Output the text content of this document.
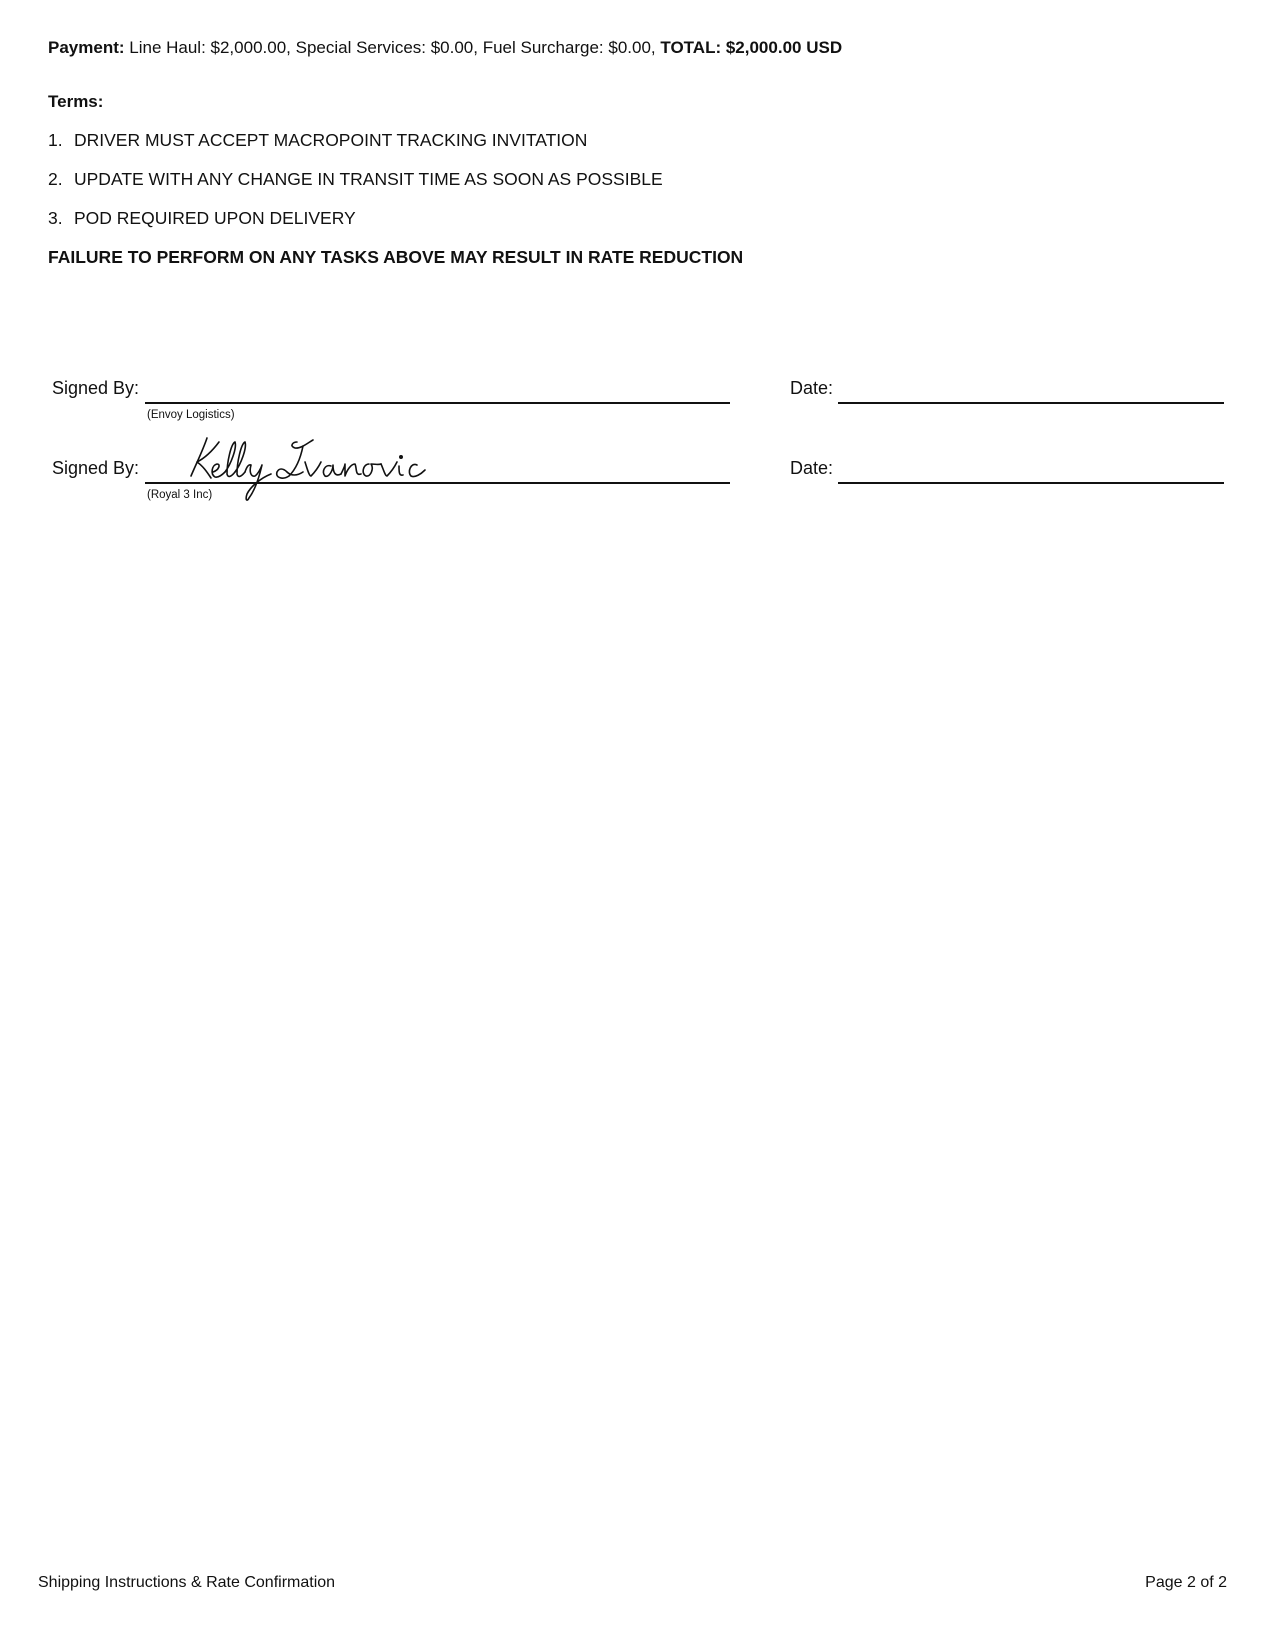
Payment: Line Haul: $2,000.00, Special Services: $0.00, Fuel Surcharge: $0.00, TOTAL: $2,000.00 USD
Terms:
1. DRIVER MUST ACCEPT MACROPOINT TRACKING INVITATION
2. UPDATE WITH ANY CHANGE IN TRANSIT TIME AS SOON AS POSSIBLE
3. POD REQUIRED UPON DELIVERY
FAILURE TO PERFORM ON ANY TASKS ABOVE MAY RESULT IN RATE REDUCTION
Signed By:
(Envoy Logistics)
Date:
Signed By:
(Royal 3 Inc)
Date:
Shipping Instructions & Rate Confirmation	Page 2 of 2
